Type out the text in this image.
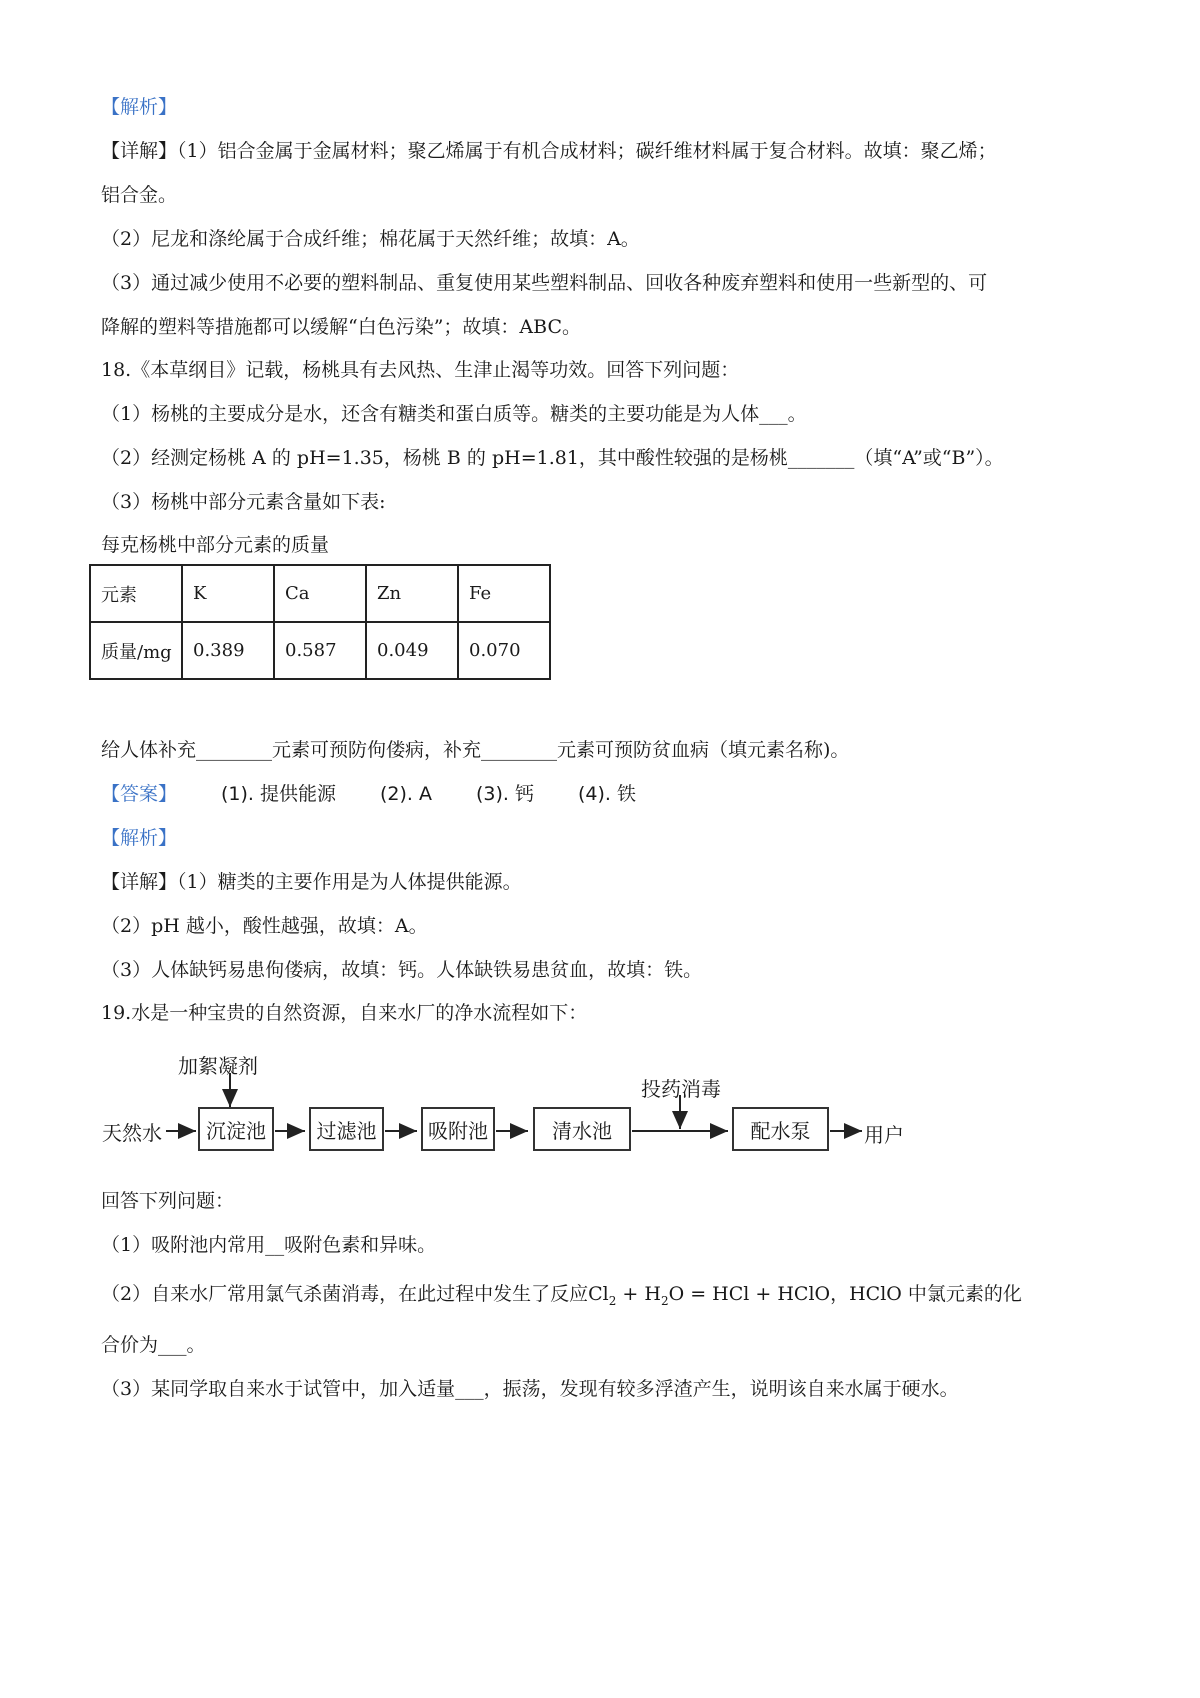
【解析】
【详解】（1）铝合金属于金属材料；聚乙烯属于有机合成材料；碳纤维材料属于复合材料。故填：聚乙烯；
铝合金。
（2）尼龙和涤纶属于合成纤维；棉花属于天然纤维；故填：A。
（3）通过减少使用不必要的塑料制品、重复使用某些塑料制品、回收各种废弃塑料和使用一些新型的、可
降解的塑料等措施都可以缓解“白色污染”；故填：ABC。
18.《本草纲目》记载，杨桃具有去风热、生津止渴等功效。回答下列问题：
（1）杨桃的主要成分是水，还含有糖类和蛋白质等。糖类的主要功能是为人体___。
（2）经测定杨桃 A 的 pH=1.35，杨桃 B 的 pH=1.81，其中酸性较强的是杨桃_______（填“A”或“B”）。
（3）杨桃中部分元素含量如下表:
每克杨桃中部分元素的质量
元素	K	Ca	Zn	Fe
质量/mg	0.389	0.587	0.049	0.070
给人体补充________元素可预防佝偻病，补充________元素可预防贫血病（填元素名称)。
【答案】 (1). 提供能源 (2). A (3). 钙 (4). 铁
【解析】
【详解】（1）糖类的主要作用是为人体提供能源。
（2）pH 越小，酸性越强，故填：A。
（3）人体缺钙易患佝偻病，故填：钙。人体缺铁易患贫血，故填：铁。
19.水是一种宝贵的自然资源，自来水厂的净水流程如下：
天然水
加絮凝剂
沉淀池	过滤池	吸附池	清水池
投药消毒
配水泵	用户
回答下列问题：
（1）吸附池内常用__吸附色素和异味。
（2）自来水厂常用氯气杀菌消毒，在此过程中发生了反应$Cl_2 + H_2O$ = HCl + HClO，HClO 中氯元素的化
合价为___。
（3）某同学取自来水于试管中，加入适量___，振荡，发现有较多浮渣产生，说明该自来水属于硬水。
